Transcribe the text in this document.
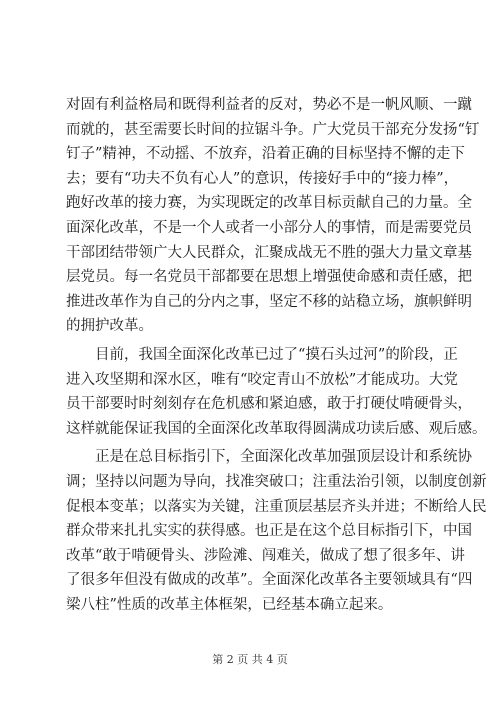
对固有利益格局和既得利益者的反对，势必不是一帆风顺、一蹴
而就的，甚至需要长时间的拉锯斗争。广大党员干部充分发扬“钉
钉子”精神，不动摇、不放弃，沿着正确的目标坚持不懈的走下
去；要有“功夫不负有心人”的意识，传接好手中的“接力棒”，
跑好改革的接力赛，为实现既定的改革目标贡献自己的力量。全
面深化改革，不是一个人或者一小部分人的事情，而是需要党员
干部团结带领广大人民群众，汇聚成战无不胜的强大力量文章基
层党员。每一名党员干部都要在思想上增强使命感和责任感，把
推进改革作为自己的分内之事，坚定不移的站稳立场，旗帜鲜明
的拥护改革。

　　目前，我国全面深化改革已过了“摸石头过河”的阶段，正
进入攻坚期和深水区，唯有“咬定青山不放松”才能成功。大党
员干部要时时刻刻存在危机感和紧迫感，敢于打硬仗啃硬骨头，
这样就能保证我国的全面深化改革取得圆满成功读后感、观后感。

　　正是在总目标指引下，全面深化改革加强顶层设计和系统协
调；坚持以问题为导向，找准突破口；注重法治引领，以制度创新
促根本变革；以落实为关键，注重顶层基层齐头并进；不断给人民
群众带来扎扎实实的获得感。也正是在这个总目标指引下，中国
改革“敢于啃硬骨头、涉险滩、闯难关，做成了想了很多年、讲
了很多年但没有做成的改革”。全面深化改革各主要领域具有“四
梁八柱”性质的改革主体框架，已经基本确立起来。

第 2 页 共 4 页
